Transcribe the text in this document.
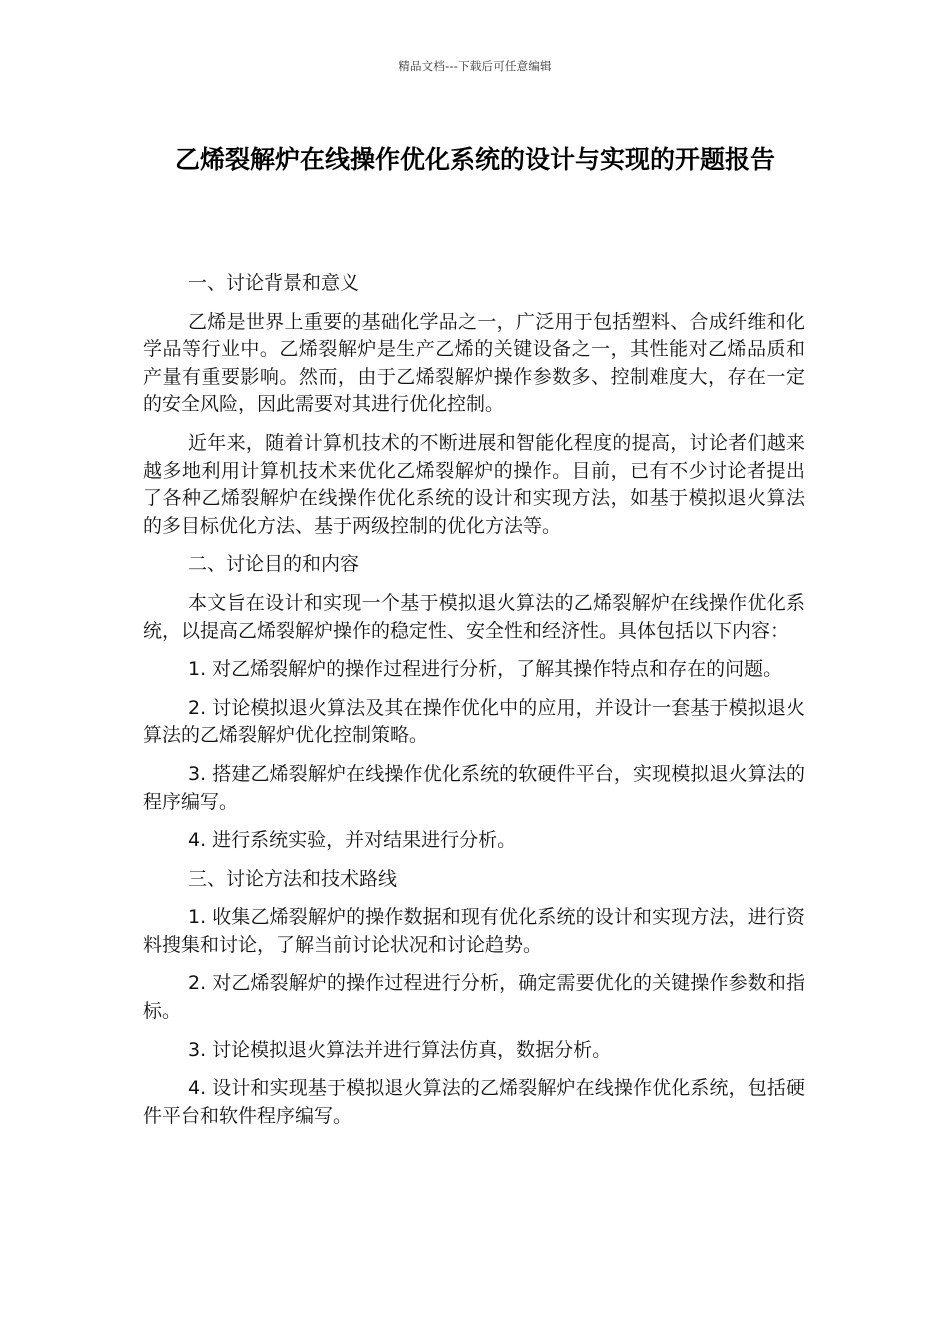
精品文档---下载后可任意编辑
乙烯裂解炉在线操作优化系统的设计与实现的开题报告

一、讨论背景和意义

乙烯是世界上重要的基础化学品之一，广泛用于包括塑料、合成纤维和化学品等行业中。乙烯裂解炉是生产乙烯的关键设备之一，其性能对乙烯品质和产量有重要影响。然而，由于乙烯裂解炉操作参数多、控制难度大，存在一定的安全风险，因此需要对其进行优化控制。

近年来，随着计算机技术的不断进展和智能化程度的提高，讨论者们越来越多地利用计算机技术来优化乙烯裂解炉的操作。目前，已有不少讨论者提出了各种乙烯裂解炉在线操作优化系统的设计和实现方法，如基于模拟退火算法的多目标优化方法、基于两级控制的优化方法等。

二、讨论目的和内容

本文旨在设计和实现一个基于模拟退火算法的乙烯裂解炉在线操作优化系统，以提高乙烯裂解炉操作的稳定性、安全性和经济性。具体包括以下内容：

1. 对乙烯裂解炉的操作过程进行分析，了解其操作特点和存在的问题。

2. 讨论模拟退火算法及其在操作优化中的应用，并设计一套基于模拟退火算法的乙烯裂解炉优化控制策略。

3. 搭建乙烯裂解炉在线操作优化系统的软硬件平台，实现模拟退火算法的程序编写。

4. 进行系统实验，并对结果进行分析。

三、讨论方法和技术路线

1. 收集乙烯裂解炉的操作数据和现有优化系统的设计和实现方法，进行资料搜集和讨论，了解当前讨论状况和讨论趋势。

2. 对乙烯裂解炉的操作过程进行分析，确定需要优化的关键操作参数和指标。

3. 讨论模拟退火算法并进行算法仿真，数据分析。

4. 设计和实现基于模拟退火算法的乙烯裂解炉在线操作优化系统，包括硬件平台和软件程序编写。
